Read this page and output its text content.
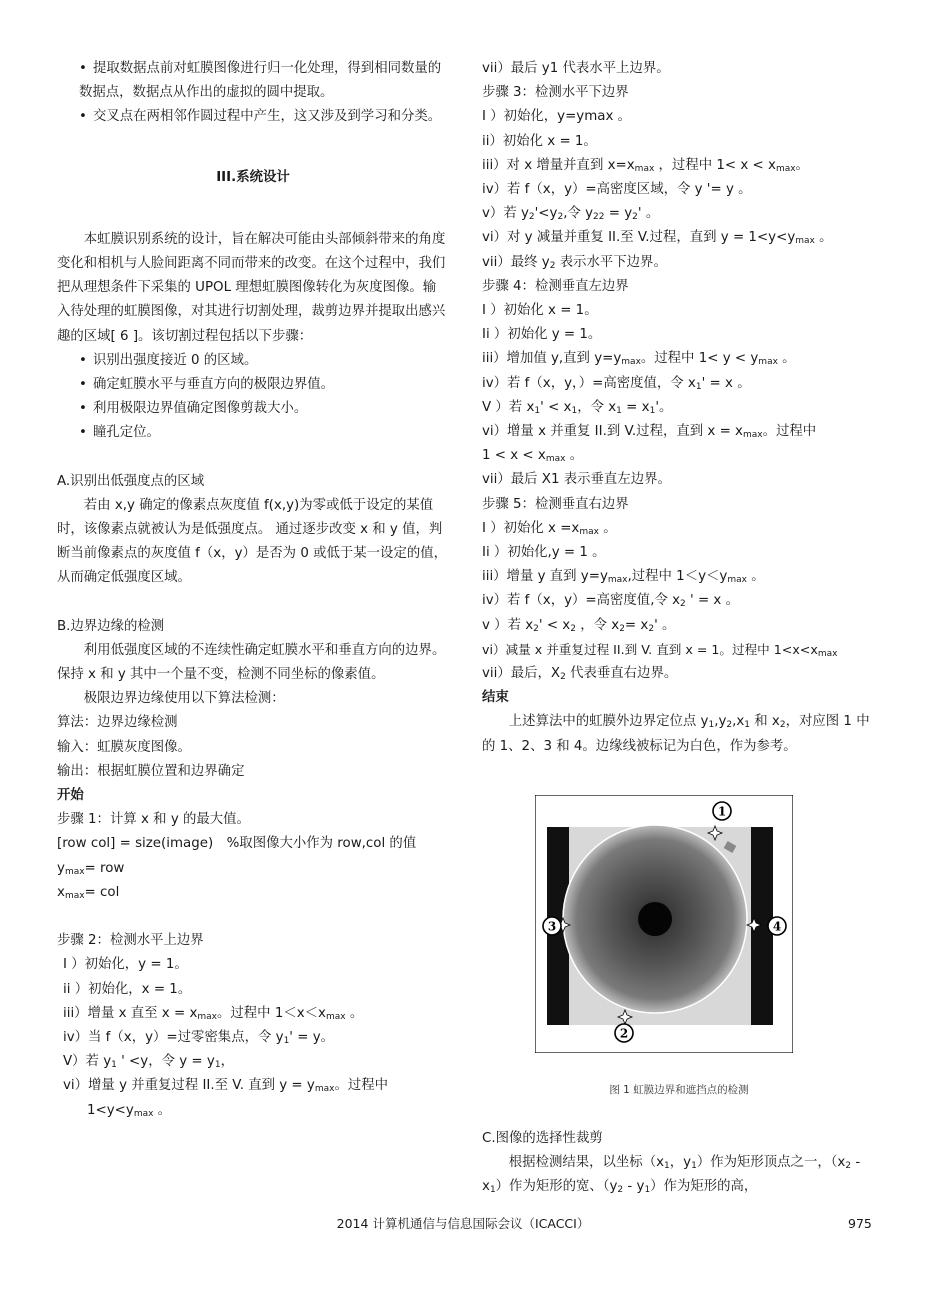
• 提取数据点前对虹膜图像进行归一化处理，得到相同数量的数据点，数据点从作出的虚拟的圆中提取。

• 交叉点在两相邻作圆过程中产生，这又涉及到学习和分类。

III.系统设计

本虹膜识别系统的设计，旨在解决可能由头部倾斜带来的角度变化和相机与人脸间距离不同而带来的改变。在这个过程中，我们把从理想条件下采集的 UPOL 理想虹膜图像转化为灰度图像。输入待处理的虹膜图像，对其进行切割处理，裁剪边界并提取出感兴趣的区域[ 6 ]。该切割过程包括以下步骤：

• 识别出强度接近 0 的区域。

• 确定虹膜水平与垂直方向的极限边界值。

• 利用极限边界值确定图像剪裁大小。

• 瞳孔定位。

A.识别出低强度点的区域

若由 x,y 确定的像素点灰度值 f(x,y)为零或低于设定的某值时，该像素点就被认为是低强度点。 通过逐步改变 x 和 y 值，判断当前像素点的灰度值 f（x，y）是否为 0 或低于某一设定的值，从而确定低强度区域。

B.边界边缘的检测

利用低强度区域的不连续性确定虹膜水平和垂直方向的边界。保持 x 和 y 其中一个量不变，检测不同坐标的像素值。

极限边界边缘使用以下算法检测：

算法：边界边缘检测

输入：虹膜灰度图像。

输出：根据虹膜位置和边界确定

开始

步骤 1：计算 x 和 y 的最大值。

[row col] = size(image)　%取图像大小作为 row,col 的值

$y_{max}=$ row

$x_{max}=$ col

步骤 2：检测水平上边界

I ）初始化，y = 1。

ii ）初始化，x = 1。

iii）增量 x 直至 $x = x_{max}$。过程中 $1<x<x_{max}$ 。

iv）当 f（x，y）=过零密集点，令 $y_1' = y$。

V）若 $y_1$ ' <y，令 $y = y_1$，

vi）增量 y 并重复过程 II.至 V. 直到 $y = y_{max}$。过程中

$1<y<y_{max}$ 。

vii）最后 y1 代表水平上边界。

步骤 3：检测水平下边界

I ）初始化，y=ymax 。

ii）初始化 x = 1。

iii）对 x 增量并直到 $x=x_{max}$ ，过程中 $1< x < x_{max}$。

iv）若 f（x，y）=高密度区域，令 y '= y 。

v）若 $y_2'<y_2$,令 $y_{22} = y_2'$ 。

vi）对 y 减量并重复 II.至 V.过程，直到 $y = 1<y<y_{max}$ 。

vii）最终 $y_2$ 表示水平下边界。

步骤 4：检测垂直左边界

I ）初始化 x = 1。

Ii ）初始化 y = 1。

iii）增加值 y,直到 $y=y_{max}$。过程中 $1< y < y_{max}$ 。

iv）若 f（x，y，）=高密度值，令 $x_1' = x$ 。

V ）若 $x_1' < x_1$，令 $x_1 = x_1'$。

vi）增量 x 并重复 II.到 V.过程，直到 $x = x_{max}$。过程中

$1 < x < x_{max}$ 。

vii）最后 X1 表示垂直左边界。

步骤 5：检测垂直右边界

I ）初始化 $x =x_{max}$ 。

Ii ）初始化,y = 1 。

iii）增量 y 直到 $y=y_{max}$,过程中 $1<y<y_{max}$ 。

iv）若 f（x，y）=高密度值,令 $x_2$ ' = x 。

v ）若 $x_2' < x_2$ ，令 $x_2= x_2'$ 。

vi）减量 x 并重复过程 II.到 V. 直到 x = 1。过程中 $1<x<x_{max}$

vii）最后，$X_2$ 代表垂直右边界。

结束

上述算法中的虹膜外边界定位点 $y_1,y_2,x_1$ 和 $x_2$，对应图 1 中的 1、2、3 和 4。边缘线被标记为白色，作为参考。

1
2
3	4
图 1 虹膜边界和遮挡点的检测

C.图像的选择性裁剪

根据检测结果，以坐标（$x_1$，$y_1$）作为矩形顶点之一，$(x_2 - x_1)$作为矩形的宽、$(y_2 - y_1)$作为矩形的高，

2014 计算机通信与信息国际会议（ICACCI）	975
